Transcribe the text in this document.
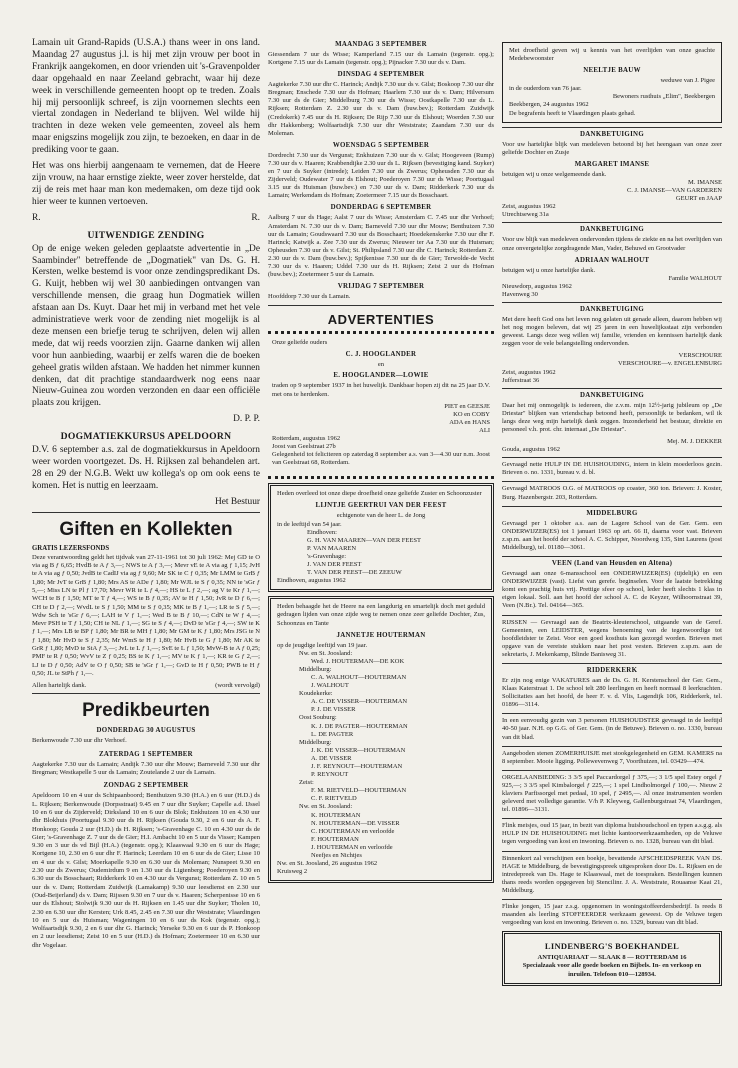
Lamain uit Grand-Rapids (U.S.A.) thans weer in ons land. Maandag 27 augustus j.l. is hij met zijn vrouw per boot in Frankrijk aangekomen, en door vrienden uit 's-Gravenpolder daar opgehaald en naar Zeeland gebracht, waar hij deze week in verschillende gemeenten hoopt op te treden. Zoals hij mij persoonlijk schreef, is zijn voornemen slechts een viertal zondagen in Nederland te blijven. Wel wilde hij trachten in deze weken vele gemeenten, zoveel als hem maar enigszins mogelijk zou zijn, te bezoeken, en daar in de prediking voor te gaan.

Het was ons hierbij aangenaam te vernemen, dat de Heere zijn vrouw, na haar ernstige ziekte, weer zover herstelde, dat zij de reis met haar man kon medemaken, om deze tijd ook hier weer te kunnen vertoeven.

R.	R.
UITWENDIGE ZENDING

Op de enige weken geleden geplaatste advertentie in „De Saambinder" betreffende de „Dogmatiek" van Ds. G. H. Kersten, welke bestemd is voor onze zendingspredikant Ds. G. Kuijt, hebben wij wel 30 aanbiedingen ontvangen van verschillende mensen, die graag hun Dogmatiek willen afstaan aan Ds. Kuyt. Daar het mij in verband met het vele administratieve werk voor de zending niet mogelijk is al deze mensen een briefje terug te schrijven, delen wij allen mede, dat wij reeds voorzien zijn. Gaarne danken wij allen voor hun aanbieding, waarbij er zelfs waren die de boeken geheel gratis wilden afstaan. We hadden het nimmer kunnen denken, dat dit prachtige standaardwerk nog eens naar Nieuw-Guinea zou worden verzonden en daar een officiële plaats zou krijgen.

D. P. P.
DOGMATIEKKURSUS APELDOORN

D.V. 6 september a.s. zal de dogmatiekkursus in Apeldoorn weer worden voortgezet. Ds. H. Rijksen zal behandelen art. 28 en 29 der N.G.B. Wekt uw kollega's op om ook eens te komen. Het is nuttig en leerzaam.

Het Bestuur
Giften en Kollekten
GRATIS LEZERSFONDS

Deze verantwoording geldt het tijdvak van 27-11-1961 tot 30 juli 1962: Mej GD te O via ag B ƒ 6,65; HvdB te A ƒ 3,—; NWS te A ƒ 3,—; Mevr vE te A via ag ƒ 1,15; JvH te A via ag ƒ 0,50; JvdB te CadIJ via ag ƒ 9,60; Mr SK te C ƒ 0,35; Mr LMM te GrB ƒ 1,80; Mr JvT te GrB ƒ 1,80; Mrs AS te ADe ƒ 1,80; Mr WJL te S ƒ 0,35; NN te 'sGr ƒ 5,—; Miss LN te Pl ƒ 17,70; Mevr WR te L ƒ 4,—; HS te L ƒ 2,—; ag V te Kr ƒ 1,—; WCH te B ƒ 1,50; MT te T ƒ 4,—; WS te B ƒ 0,35; AV te H ƒ 1,50; JvR te D ƒ 6,—; CH te D ƒ 2,—; WvdL te S ƒ 1,50; MM te S ƒ 0,35; MK te B ƒ 1,—; LR te S ƒ 5,—; Wdw Sch te 'sGr ƒ 6,—; LAH te V ƒ 1,—; Wed B te B ƒ 10,—; CdN te W ƒ 4,—; Mevr PSH te T ƒ 1,50; CH te NL ƒ 1,—; SG te S ƒ 4,—; DvD te 'sGr ƒ 4,—; SW te K ƒ 1,—; Mrs LB te BP ƒ 1,80; Mr BR te MH ƒ 1,80; Mr GM te K ƒ 1,80; Mrs JSG te N ƒ 1,80; Mr HvD te S ƒ 2,35; Mr WmS te H ƒ 1,80; Mr HvB te G ƒ 1,80; Mr AK te GrR ƒ 1,80; MvD te StA ƒ 3,—; JvL te L ƒ 1,—; SvE te L ƒ 1,50; MvW-B te A ƒ 0,25; PMF te R ƒ 0,50; WvV te Z ƒ 0,25; BS te K ƒ 1,—; MV te K ƒ 1,—; KR te G ƒ 2,—; LJ te D ƒ 0,50; AdV te O ƒ 0,50; SB te 'sGr ƒ 1,—; GvD te H ƒ 0,50; PWB te H ƒ 0,50; JL te StPh ƒ 1,—.

Allen hartelijk dank.	(wordt vervolgd)
Predikbeurten
DONDERDAG 30 AUGUSTUS

Berkenwoude 7.30 uur dhr Verhoef.

ZATERDAG 1 SEPTEMBER

Aagtekerke 7.30 uur ds Lamain; Andijk 7.30 uur dhr Mouw; Barneveld 7.30 uur dhr Bregman; Westkapelle 5 uur ds Lamain; Zoutelande 2 uur ds Lamain.

ZONDAG 2 SEPTEMBER

Apeldoorn 10 en 4 uur ds Schipaanboord; Benthuizen 9.30 (H.A.) en 6 uur (H.D.) ds L. Rijksen; Berkenwoude (Dorpsstraat) 9.45 en 7 uur dhr Suyker; Capelle a.d. IJssel 10 en 6 uur ds Zijderveld; Dirksland 10 en 6 uur ds Blok; Enkhuizen 10 en 4.30 uur dhr Blokhuis (Poortugaal 9.30 uur ds H. Rijksen (Gouda 9.30, 2 en 6 uur ds A. F. Honkoop; Gouda 2 uur (H.D.) ds H. Rijksen; 's-Gravenhage C. 10 en 4.30 uur ds de Gier; 's-Gravenhage Z. 7 uur ds de Gier; H.I. Ambacht 10 en 5 uur ds Visser; Kampen 9.30 en 3 uur ds vd Bijl (H.A.) (tegenstr. opg.); Klaaswaal 9.30 en 6 uur ds Hage; Kortgene 10, 2.30 en 6 uur dhr F. Harinck; Leerdam 10 en 6 uur ds de Gier; Lisse 10 en 4 uur ds v. Gilst; Moerkapelle 9.30 en 6.30 uur ds Moleman; Nunspeet 9.30 en 2.30 uur ds Zwerus; Oudemirdum 9 en 1.30 uur ds Ligtenberg; Poederoyen 9.30 en 6.30 uur ds Bosschaart; Ridderkerk 10 en 4.30 uur ds Vergunst; Rotterdam Z. 10 en 5 uur ds v. Dam; Rotterdam Zuidwijk (Lamakamp) 9.30 uur leesdienst en 2.30 uur (Oud-Beijerland) ds v. Dam; Rijssen 9.30 en 7 uur ds v. Haaren; Scherpenisse 10 en 6 uur ds Elshout; Stolwijk 9.30 uur ds H. Rijksen en 1.45 uur dhr Suyker; Tholen 10, 2.30 en 6.30 uur dhr Kersten; Urk 8.45, 2.45 en 7.30 uur dhr Weststrate; Vlaardingen 10 en 5 uur ds Huisman; Wageningen 10 en 6 uur ds Kok (tegenstr. opg.); Wolfaartsdijk 9.30, 2 en 6 uur dhr G. Harinck; Yerseke 9.30 en 6 uur ds P. Honkoop en 2 uur leesdienst; Zeist 10 en 5 uur (H.D.) ds Hofman; Zoetermeer 10 en 6.30 uur dhr Vogelaar.

MAANDAG 3 SEPTEMBER

Giessendam 7 uur ds Wisse; Kamperland 7.15 uur ds Lamain (tegenstr. opg.); Kortgene 7.15 uur ds Lamain (tegenstr. opg.); Pijnacker 7.30 uur ds v. Dam.

DINSDAG 4 SEPTEMBER

Aagtekerke 7.30 uur dhr C. Harinck; Andijk 7.30 uur ds v. Gilst; Boskoop 7.30 uur dhr Bregman; Enschede 7.30 uur ds Hofman; Haarlem 7.30 uur ds v. Dam; Hilversum 7.30 uur ds de Gier; Middelburg 7.30 uur ds Wisse; Oostkapelle 7.30 uur ds L. Rijksen; Rotterdam Z. 2.30 uur ds v. Dam (buw.bev.); Rotterdam Zuidwijk (Credokerk) 7.45 uur ds H. Rijksen; De Rijp 7.30 uur ds Elshout; Woerden 7.30 uur dhr Hakkenberg; Wolfaartsdijk 7.30 uur dhr Weststrate; Zaandam 7.30 uur ds Moleman.

WOENSDAG 5 SEPTEMBER

Dordrecht 7.30 uur ds Vergunst; Enkhuizen 7.30 uur ds v. Gilst; Hoogeveen (Rump) 7.30 uur ds v. Haaren; Krabbendijke 2.30 uur ds L. Rijksen (bevestiging kand. Suyker) en 7 uur ds Suyker (intrede); Leiden 7.30 uur ds Zwerus; Opheusden 7.30 uur ds Zijderveld; Oudewater 7 uur ds Elshout; Poederoyen 7.30 uur ds Wisse; Poortugaal 3.15 uur ds Huisman (buw.bev.) en 7.30 uur ds v. Dam; Ridderkerk 7.30 uur ds Lamain; Werkendam ds Hofman; Zoetermeer 7.15 uur ds Bosschaart.

DONDERDAG 6 SEPTEMBER

Aalburg 7 uur ds Hage; Aalst 7 uur ds Wisse; Amsterdam C. 7.45 uur dhr Verhoef; Amsterdam N. 7.30 uur ds v. Dam; Barneveld 7.30 uur dhr Mouw; Benthuizen 7.30 uur ds Lamain; Goudswaard 7.30 uur ds Bosschaart; Hoedekenskerke 7.30 uur dhr F. Harinck; Katwijk a. Zee 7.30 uur ds Zwerus; Nieuwer ter Aa 7.30 uur ds Huisman; Opheusden 7.30 uur ds v. Gilst; St. Philipsland 7.30 uur dhr C. Harinck; Rotterdam Z. 2.30 uur ds v. Dam (buw.bev.); Spijkenisse 7.30 uur ds de Gier; Terwolde-de Vecht 7.30 uur ds v. Haaren; Uddel 7.30 uur ds H. Rijksen; Zeist 2 uur ds Hofman (buw.bev.); Zoetermeer 5 uur ds Lamain.

VRIJDAG 7 SEPTEMBER

Hoofddorp 7.30 uur ds Lamain.

ADVERTENTIES

Onze geliefde ouders

C. J. HOOGLANDER
en
E. HOOGLANDER—LOWIE

traden op 9 september 1937 in het huwelijk. Dankbaar hopen zij dit na 25 jaar D.V. met ons te herdenken.

PIET en GEESJE
KO en COBY
ADA en HANS
ALI
Rotterdam, augustus 1962
Joost van Geelstraat 27b

Gelegenheid tot feliciteren op zaterdag 8 september a.s. van 3—4.30 uur n.m. Joost van Geelstraat 68, Rotterdam.

Heden overleed tot onze diepe droefheid onze geliefde Zuster en Schoonzuster

LIJNTJE GEERTRUI VAN DER FEEST
echtgenote van de heer L. de Jong
in de leeftijd van 54 jaar.
Eindhoven:
G. H. VAN MAAREN—VAN DER FEEST
P. VAN MAAREN
's-Gravenhage:
J. VAN DER FEEST
T. VAN DER FEEST—DE ZEEUW
Eindhoven, augustus 1962

Heden behaagde het de Heere na een langdurig en smartelijk doch met geduld gedragen lijden van onze zijde weg te nemen onze zeer geliefde Dochter, Zus, Schoonzus en Tante

JANNETJE HOUTERMAN
op de jeugdige leeftijd van 19 jaar.
Nw. en St. Joosland:
Wed. J. HOUTERMAN—DE KOK
Middelburg:
C. A. WALHOUT—HOUTERMAN
J. WALHOUT
Koudekerke:
A. C. DE VISSER—HOUTERMAN
P. J. DE VISSER
Oost Souburg:
K. J. DE PAGTER—HOUTERMAN
L. DE PAGTER
Middelburg:
J. K. DE VISSER—HOUTERMAN
A. DE VISSER
J. F. REYNOUT—HOUTERMAN
P. REYNOUT
Zeist:
F. M. RIETVELD—HOUTERMAN
C. F. RIETVELD
Nw. en St. Joosland:
K. HOUTERMAN
N. HOUTERMAN—DE VISSER
C. HOUTERMAN en verloofde
F. HOUTERMAN
J. HOUTERMAN en verloofde
Neefjes en Nichtjes
Nw. en St. Joosland, 26 augustus 1962
Kruisweg 2

Met droefheid geven wij u kennis van het overlijden van onze geachte Medebewoonster

NEELTJE BAUW
weduwe van J. Pigee
in de ouderdom van 76 jaar.
Bewoners rusthuis „Elim", Beekbergen
Beekbergen, 24 augustus 1962
De begrafenis heeft te Vlaardingen plaats gehad.
DANKBETUIGING

Voor uw hartelijke blijk van medeleven betoond bij het heengaan van onze zeer geliefde Dochter en Zusje

MARGARET IMANSE
betuigen wij u onze welgemeende dank.
M. IMANSE
C. J. IMANSE—VAN GARDEREN
GEURT en JAAP
Zeist, augustus 1962
Utrechtseweg 31a
DANKBETUIGING

Voor uw blijk van medeleven ondervonden tijdens de ziekte en na het overlijden van onze onvergetelijke zorgdragende Man, Vader, Behuwd en Grootvader

ADRIAAN WALHOUT
betuigen wij u onze hartelijke dank.
Familie WALHOUT
Nieuwdorp, augustus 1962
Havenweg 30
DANKBETUIGING

Met dere heeft God ons het leven nog gelaten uit genade alleen, daarom hebben wij het nog mogen beleven, dat wij 25 jaren in een huwelijksstaat zijn verbonden geweest. Langs deze weg willen wij familie, vrienden en kennissen hartelijk dank zeggen voor de vele belangstelling ondervonden.

VERSCHOURE
VERSCHOURE—v. ENGELENBURG
Zeist, augustus 1962
Jufferstraat 36
DANKBETUIGING

Daar het mij onmogelijk is iedereen, die z.v.m. mijn 12½-jarig jubileum op „De Driestar" blijken van vriendschap betoond heeft, persoonlijk te bedanken, wil ik langs deze weg mijn hartelijk dank zeggen. Inzonderheid het bestuur, direktie en personeel v.h. prot. chr. internaat „De Driestar".

Mej. M. J. DEKKER
Gouda, augustus 1962

Gevraagd nette HULP IN DE HUISHOUDING, intern in klein moederloos gezin. Brieven o. no. 1331, bureau v. d. bl.

Gevraagd MATROOS O.G. of MATROOS op coaster, 360 ton. Brieven: J. Koster, Burg. Hazenbergstr. 203, Rotterdam.

MIDDELBURG

Gevraagd per 1 oktober a.s. aan de Lagere School van de Ger. Gem. een ONDERWIJZER(ES) tot 1 januari 1963 op art. 66 II, daarna voor vast. Brieven z.sp.m. aan het hoofd der school A. C. Schipper, Noordweg 135, Sint Laurens (post Middelburg), tel. 01180—3061.

VEEN (Land van Heusden en Altena)

Gevraagd aan onze 6-mansschool een ONDERWIJZER(ES) (tijdelijk) en een ONDERWIJZER (vast). Liefst van gerefe. beginselen. Voor de laatste betrekking komt een prachtig huis vrij. Prettige sfeer op school, leder heeft slechts 1 klas in eigen lokaal. Soll. aan het hoofd der school A. C. de Keyzer, Wilhoornstraat 39, Veen (N.Br.). Tel. 04164—365.

RIJSSEN — Gevraagd aan de Beatrix-kleuterschool, uitgaande van de Geref. Gemeenten, een LEIDSTER, wegens benoeming van de tegenwoordige tot hoofdleidster te Zeist. Voor een goed kosthuis kan gezorgd worden. Brieven met opgave van de vereiste stukken naar het post vesten. Brieven z.sp.m. aan de sekretaris, J. Mekenkamp, Blinde Banisweg 31.

RIDDERKERK

Er zijn nog enige VAKATURES aan de Ds. G. H. Kerstenschool der Ger. Gem., Klaas Katerstraat 1. De school telt 280 leerlingen en heeft normaal 8 leerkrachten. Sollicitaties aan het hoofd, de heer F. v. d. Vlis, Lagendijk 106, Ridderkerk, tel. 01896—3114.

In een eenvoudig gezin van 3 personen HUISHOUDSTER gevraagd in de leeftijd 40-50 jaar. N.H. op G.G. of Ger. Gem. (in de Betuwe). Brieven o. no. 1330, bureau van dit blad.

Aangeboden stenen ZOMERHUISJE met stookgelegenheid en GEM. KAMERS na 8 september. Mooie ligging. Pollewevenweg 7, Voorthuizen, tel. 03429—474.

ORGELAANBIEDING: 3 3/5 spel Paccardorgel ƒ 375,—; 3 1/5 spel Estey orgel ƒ 925,—; 3 3/5 spel Kimbalorgel ƒ 225,—; 1 spel Lindholmorgel ƒ 100,—. Nieuw 2 klaviers Parfissorgel met pedaal, 10 spel, ƒ 2495,—. Al onze instrumenten worden geleverd met volledige garantie. V/h P. Kleyweg, Gallenburgstraat 74, Vlaardingen, tel. 01896—3131.

Flink meisjes, oud 15 jaar, in bezit van diploma huishoudschool en typen a.s.g.g. als HULP IN DE HUISHOUDING met lichte kantoorwerkzaamheden, op de Veluwe tegen vergoeding van kost en inwoning. Brieven o. no. 1328, bureau van dit blad.

Binnenkort zal verschijnen een boekje, bevattende AFSCHEIDSPREEK VAN DS. HAGE te Middelburg, de bevestigingspreek uitgesproken door Ds. L. Rijksen en de intredepreek van Ds. Hage te Klaaswaal, met de toespraken. Bestellingen kunnen thans reeds worden opgegeven bij Stencilinr. J. A. Weststrate, Rouaanse Kaai 21, Middelburg.

Flinke jongen, 15 jaar z.s.g. opgenomen in woningstoffeerdersbedrijf. Is reeds 8 maanden als leerling STOFFEERDER werkzaam geweest. Op de Veluwe tegen vergoeding van kost en inwoning. Brieven o. no. 1329, bureau van dit blad.

LINDENBERG'S BOEKHANDEL
ANTIQUARIAAT — SLAAK 8 — ROTTERDAM 16
Specialzaak voor alle goede boeken en Bijbels. In- en verkoop en inruilen. Telefoon 010—128934.
